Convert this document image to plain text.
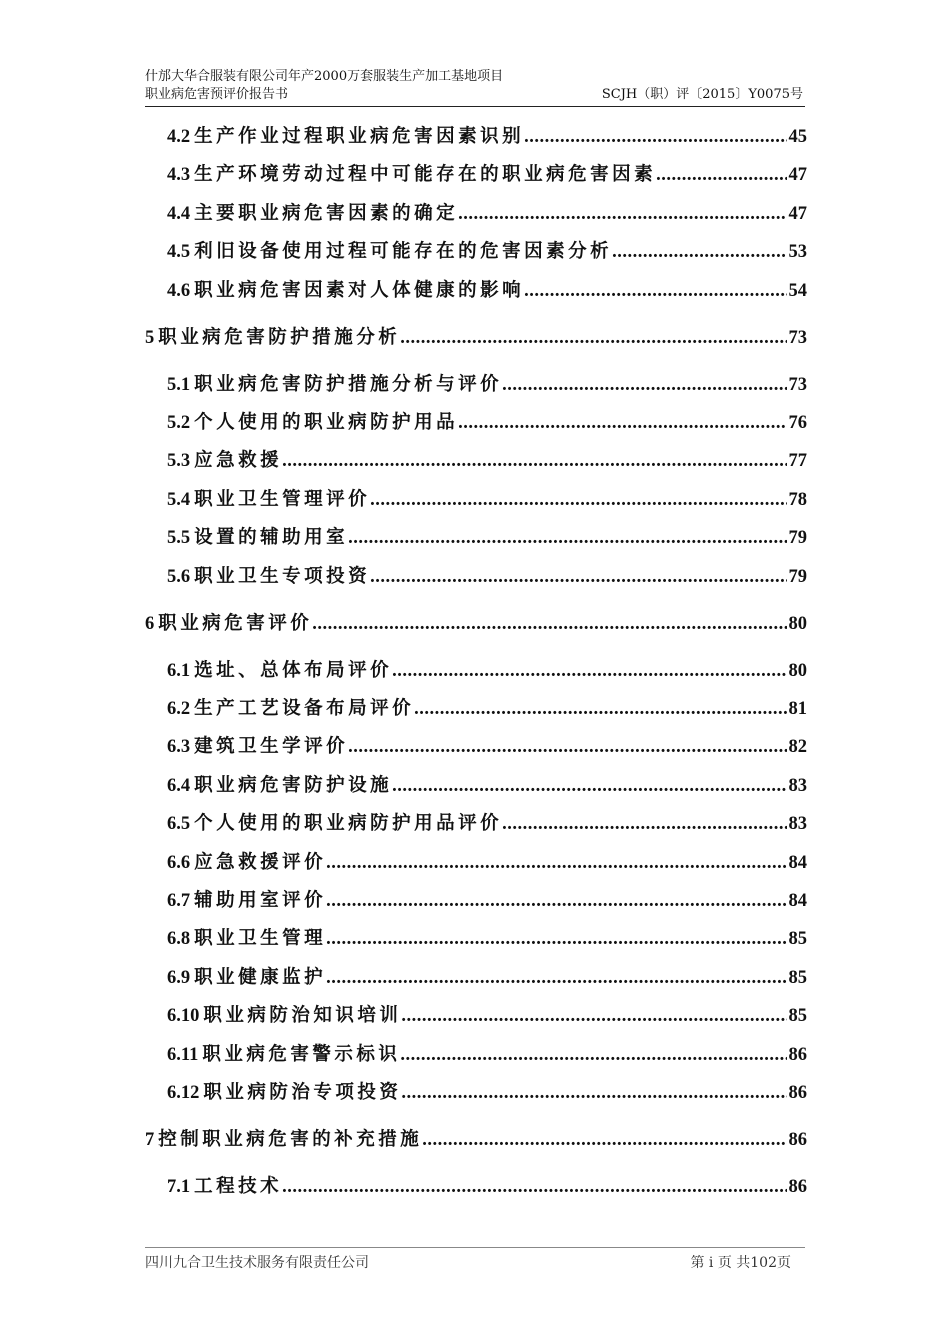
什邡大华合服装有限公司年产2000万套服装生产加工基地项目
职业病危害预评价报告书	SCJH（职）评〔2015〕Y0075号
4.2 生产作业过程职业病危害因素识别 .....	45
4.3 生产环境劳动过程中可能存在的职业病危害因素 .....	47
4.4 主要职业病危害因素的确定 .....	47
4.5 利旧设备使用过程可能存在的危害因素分析 .....	53
4.6 职业病危害因素对人体健康的影响 .....	54
5 职业病危害防护措施分析 .....	73
5.1 职业病危害防护措施分析与评价 .....	73
5.2 个人使用的职业病防护用品 .....	76
5.3 应急救援 .....	77
5.4 职业卫生管理评价 .....	78
5.5 设置的辅助用室 .....	79
5.6 职业卫生专项投资 .....	79
6 职业病危害评价 .....	80
6.1 选址、总体布局评价 .....	80
6.2 生产工艺设备布局评价 .....	81
6.3 建筑卫生学评价 .....	82
6.4 职业病危害防护设施 .....	83
6.5 个人使用的职业病防护用品评价 .....	83
6.6 应急救援评价 .....	84
6.7 辅助用室评价 .....	84
6.8 职业卫生管理 .....	85
6.9 职业健康监护 .....	85
6.10 职业病防治知识培训 .....	85
6.11 职业病危害警示标识 .....	86
6.12 职业病防治专项投资 .....	86
7 控制职业病危害的补充措施 .....	86
7.1 工程技术 .....	86
四川九合卫生技术服务有限责任公司	第 i 页 共102页
